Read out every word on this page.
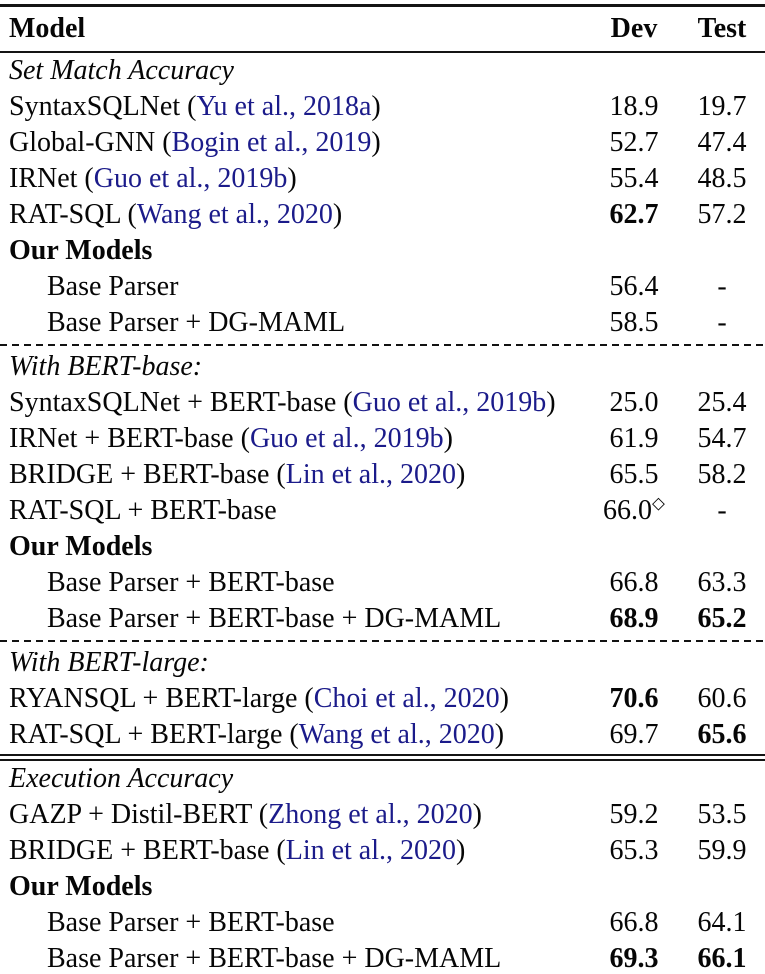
Model	Dev	Test
Set Match Accuracy		
SyntaxSQLNet (Yu et al., 2018a)	18.9	19.7
Global-GNN (Bogin et al., 2019)	52.7	47.4
IRNet (Guo et al., 2019b)	55.4	48.5
RAT-SQL (Wang et al., 2020)	62.7	57.2
Our Models		
Base Parser	56.4	-
Base Parser + DG-MAML	58.5	-

With BERT-base:		
SyntaxSQLNet + BERT-base (Guo et al., 2019b)	25.0	25.4
IRNet + BERT-base (Guo et al., 2019b)	61.9	54.7
BRIDGE + BERT-base (Lin et al., 2020)	65.5	58.2
RAT-SQL + BERT-base	66.0◇	-
Our Models		
Base Parser + BERT-base	66.8	63.3
Base Parser + BERT-base + DG-MAML	68.9	65.2

With BERT-large:		
RYANSQL + BERT-large (Choi et al., 2020)	70.6	60.6
RAT-SQL + BERT-large (Wang et al., 2020)	69.7	65.6

Execution Accuracy		
GAZP + Distil-BERT (Zhong et al., 2020)	59.2	53.5
BRIDGE + BERT-base (Lin et al., 2020)	65.3	59.9
Our Models		
Base Parser + BERT-base	66.8	64.1
Base Parser + BERT-base + DG-MAML	69.3	66.1
